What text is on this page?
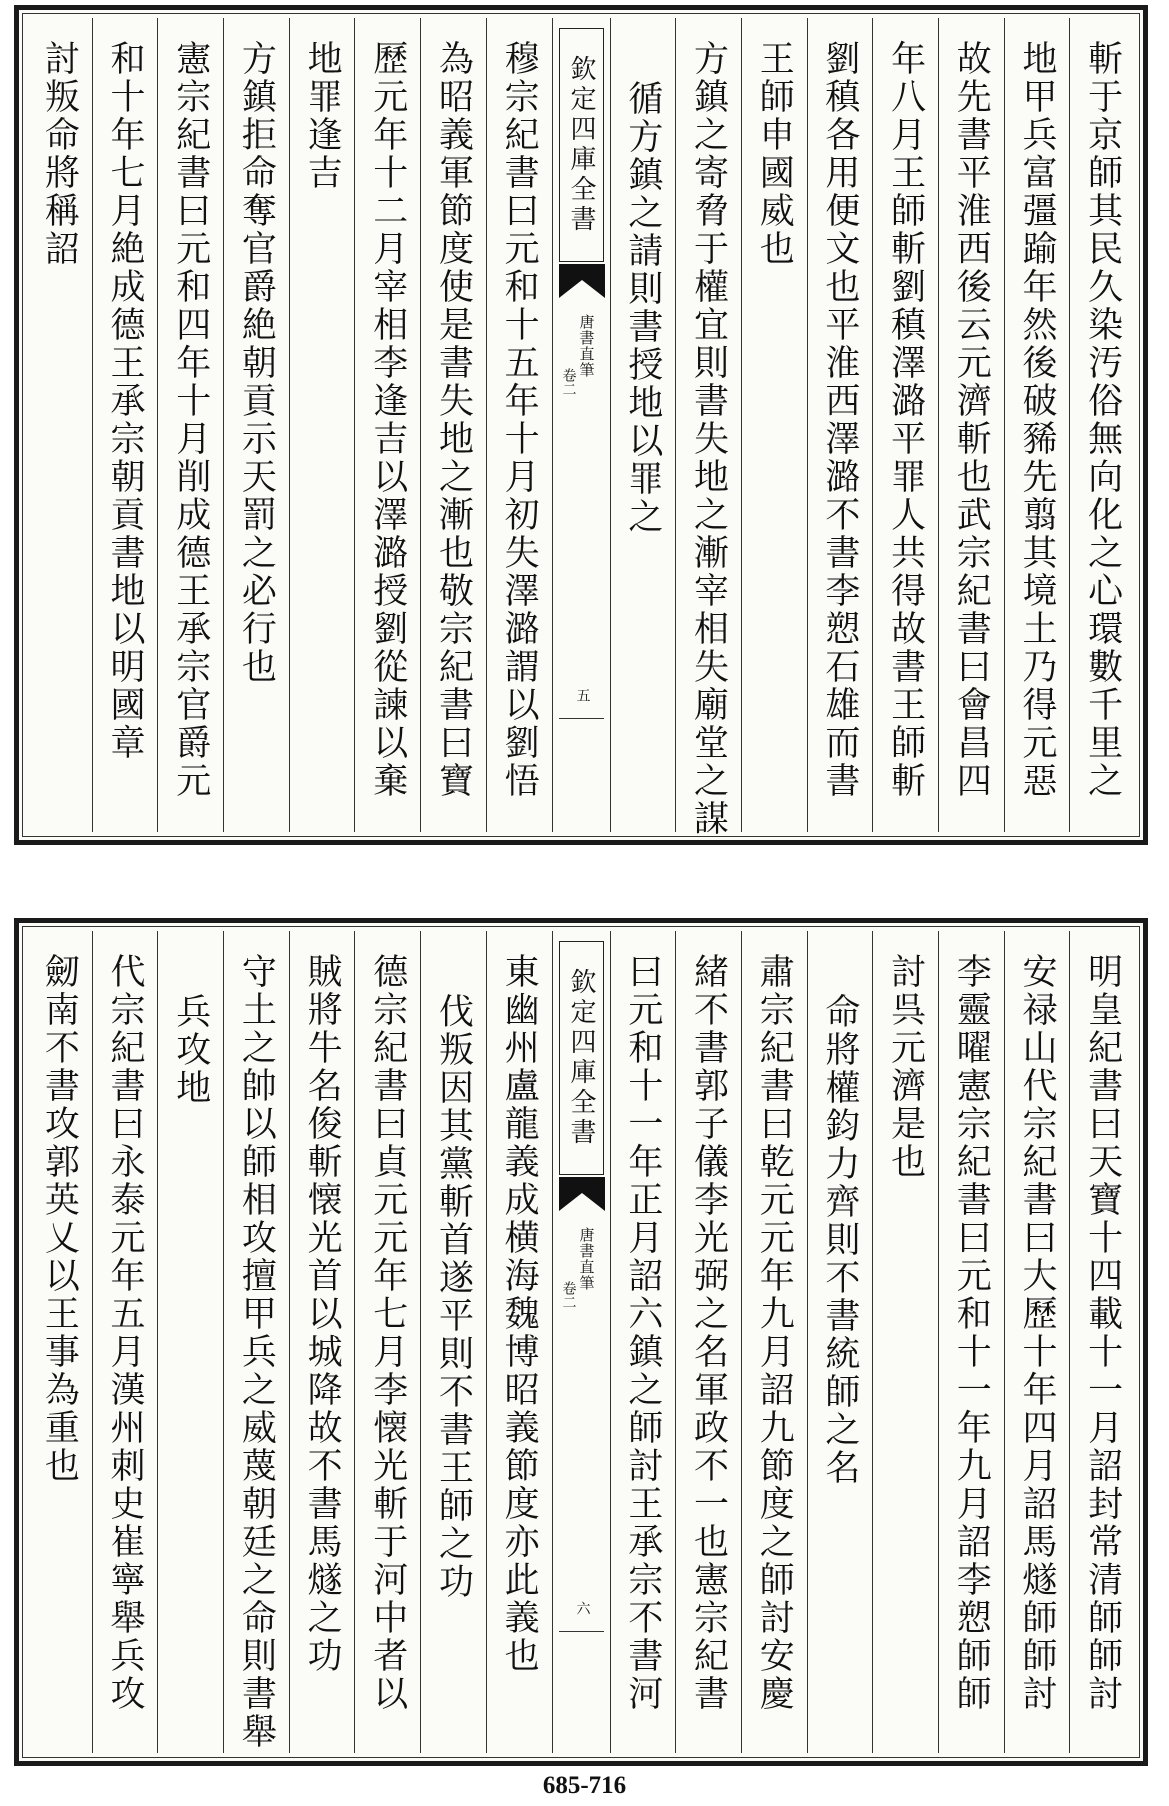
斬于京師其民久染汚俗無向化之心環數千里之
地甲兵富彊踰年然後破豨先翦其境土乃得元惡
故先書平淮西後云元濟斬也武宗紀書曰會昌四
年八月王師斬劉稹澤潞平罪人共得故書王師斬
劉稹各用便文也平淮西澤潞不書李愬石雄而書
王師申國威也
方鎮之寄脅于權宜則書失地之漸宰相失廟堂之謀
循方鎮之請則書授地以罪之
欽定四庫全書
唐書直筆
卷二
五
穆宗紀書曰元和十五年十月初失澤潞謂以劉悟
為昭義軍節度使是書失地之漸也敬宗紀書曰寶
歷元年十二月宰相李逢吉以澤潞授劉從諫以棄
地罪逢吉
方鎮拒命奪官爵絶朝貢示天罰之必行也
憲宗紀書曰元和四年十月削成德王承宗官爵元
和十年七月絶成德王承宗朝貢書地以明國章
討叛命將稱詔
明皇紀書曰天寶十四載十一月詔封常清師師討
安禄山代宗紀書曰大歷十年四月詔馬燧師師討
李靈曜憲宗紀書曰元和十一年九月詔李愬師師
討呉元濟是也
命將權鈞力齊則不書統師之名
肅宗紀書曰乾元元年九月詔九節度之師討安慶
緒不書郭子儀李光弼之名軍政不一也憲宗紀書
曰元和十一年正月詔六鎮之師討王承宗不書河
欽定四庫全書
唐書直筆
卷二
六
東幽州盧龍義成横海魏博昭義節度亦此義也
伐叛因其黨斬首遂平則不書王師之功
德宗紀書曰貞元元年七月李懐光斬于河中者以
賊將牛名俊斬懐光首以城降故不書馬燧之功
守土之帥以師相攻擅甲兵之威蔑朝廷之命則書舉
兵攻地
代宗紀書曰永泰元年五月漢州刺史崔寧舉兵攻
劒南不書攻郭英乂以王事為重也
685-716
